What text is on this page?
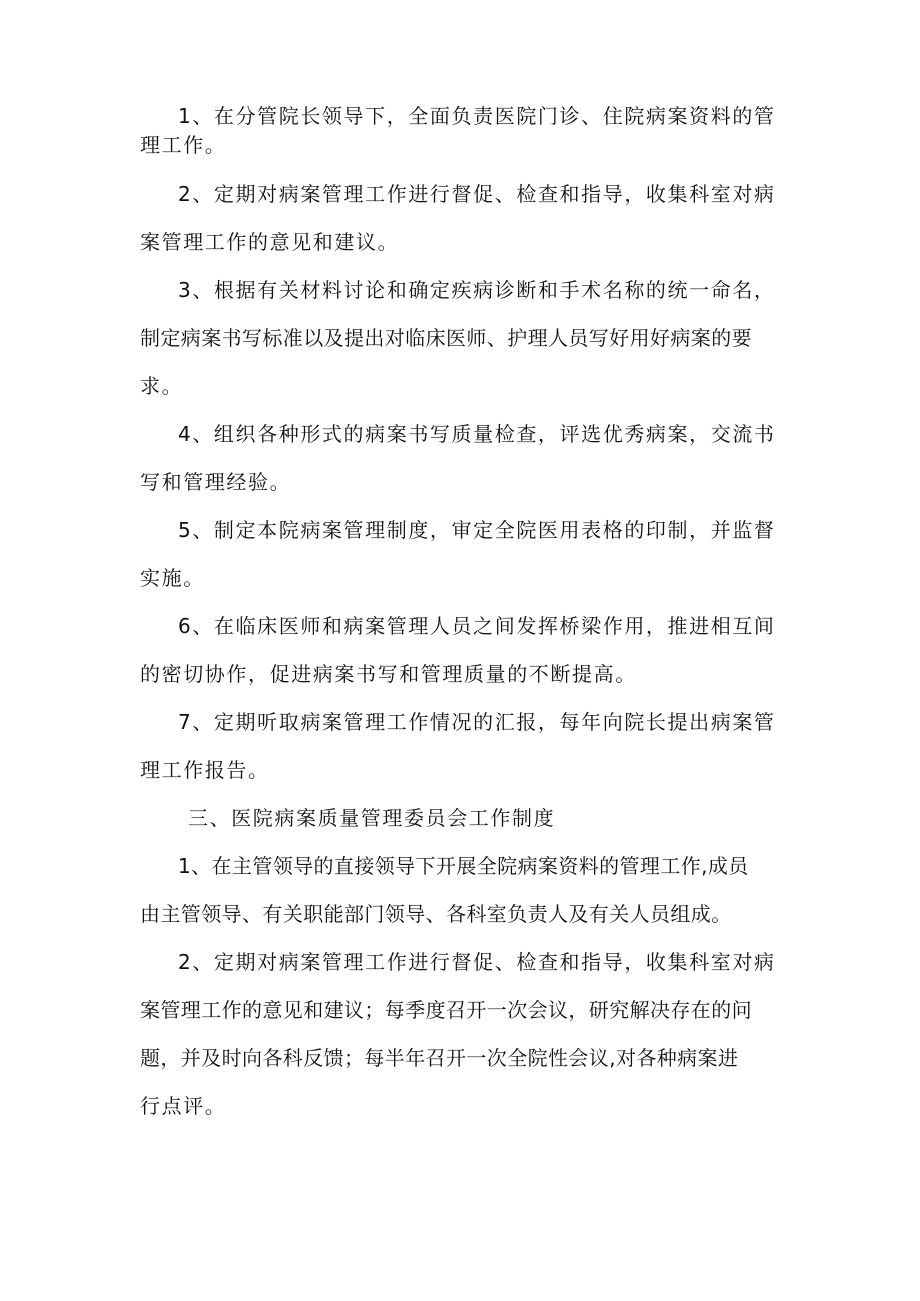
1、在分管院长领导下，全面负责医院门诊、住院病案资料的管
理工作。
2、定期对病案管理工作进行督促、检查和指导，收集科室对病
案管理工作的意见和建议。
3、根据有关材料讨论和确定疾病诊断和手术名称的统一命名，
制定病案书写标准以及提出对临床医师、护理人员写好用好病案的要
求。
4、组织各种形式的病案书写质量检查，评选优秀病案，交流书
写和管理经验。
5、制定本院病案管理制度，审定全院医用表格的印制，并监督
实施。
6、在临床医师和病案管理人员之间发挥桥梁作用，推进相互间
的密切协作，促进病案书写和管理质量的不断提高。
7、定期听取病案管理工作情况的汇报，每年向院长提出病案管
理工作报告。
三、医院病案质量管理委员会工作制度
1、在主管领导的直接领导下开展全院病案资料的管理工作,成员
由主管领导、有关职能部门领导、各科室负责人及有关人员组成。
2、定期对病案管理工作进行督促、检查和指导，收集科室对病
案管理工作的意见和建议；每季度召开一次会议，研究解决存在的问
题，并及时向各科反馈；每半年召开一次全院性会议,对各种病案进
行点评。
